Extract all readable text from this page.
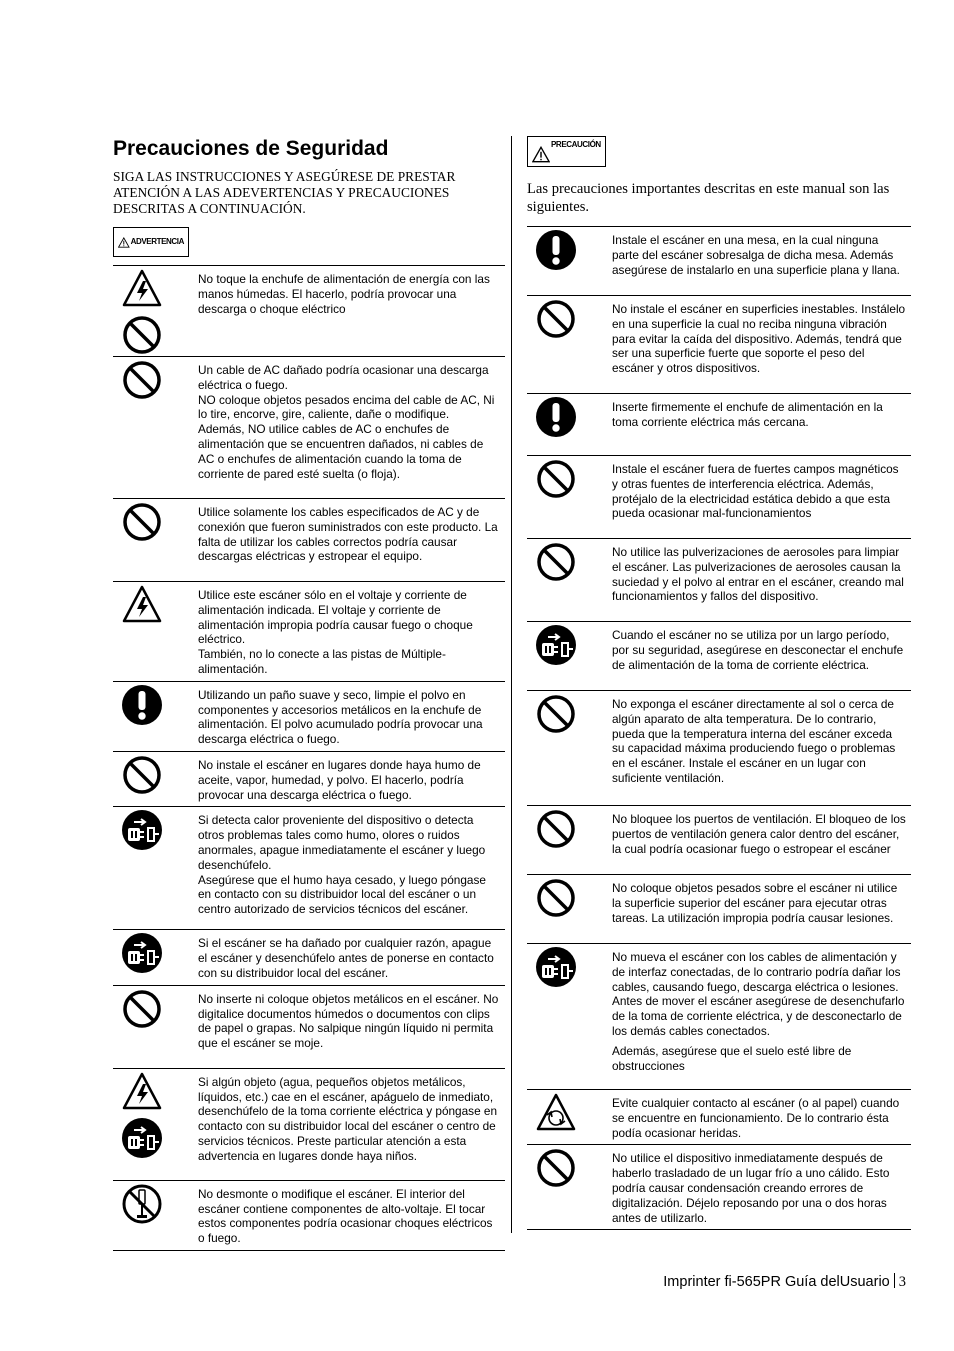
Precauciones de Seguridad

SIGA LAS INSTRUCCIONES Y ASEGÚRESE DE PRESTAR ATENCIÓN A LAS ADEVERTENCIAS Y PRECAUCIONES DESCRITAS A CONTINUACIÓN.

ADVERTENCIA

No toque la enchufe de alimentación de energía con las manos húmedas. El hacerlo, podría provocar una descarga o choque eléctrico

Un cable de AC dañado podría ocasionar una descarga eléctrica o fuego.

NO coloque objetos pesados encima del cable de AC, Ni lo tire, encorve, gire, caliente, dañe o modifique.

Además, NO utilice cables de AC o enchufes de alimentación que se encuentren dañados, ni cables de AC o enchufes de alimentación cuando la toma de corriente de pared esté suelta (o floja).

Utilice solamente los cables especificados de AC y de conexión que fueron suministrados con este producto. La falta de utilizar los cables correctos podría causar descargas eléctricas y estropear el equipo.

Utilice este escáner sólo en el voltaje y corriente de alimentación indicada. El voltaje y corriente de alimentación impropia podría causar fuego o choque eléctrico.

También, no lo conecte a las pistas de Múltiple-alimentación.

Utilizando un paño suave y seco, limpie el polvo en componentes y accesorios metálicos en la enchufe de alimentación. El polvo acumulado podría provocar una descarga eléctrica o fuego.

No instale el escáner en lugares donde haya humo de aceite, vapor, humedad, y polvo. El hacerlo, podría provocar una descarga eléctrica o fuego.

Si detecta calor proveniente del dispositivo o detecta otros problemas tales como humo, olores o ruidos anormales, apague inmediatamente el escáner y luego desenchúfelo.

Asegúrese que el humo haya cesado, y luego póngase en contacto con su distribuidor local del escáner o un centro autorizado de servicios técnicos del escáner.

Si el escáner se ha dañado por cualquier razón, apague el escáner y desenchúfelo antes de ponerse en contacto con su distribuidor local del escáner.

No inserte ni coloque objetos metálicos en el escáner. No digitalice documentos húmedos o documentos con clips de papel o grapas. No salpique ningún líquido ni permita que el escáner se moje.

Si algún objeto (agua, pequeños objetos metálicos, líquidos, etc.) cae en el escáner, apáguelo de inmediato, desenchúfelo de la toma corriente eléctrica y póngase en contacto con su distribuidor local del escáner o centro de servicios técnicos. Preste particular atención a esta advertencia en lugares donde haya niños.

No desmonte o modifique el escáner. El interior del escáner contiene componentes de alto-voltaje. El tocar estos componentes podría ocasionar choques eléctricos o fuego.

PRECAUCIÓN

Las precauciones importantes descritas en este manual son las siguientes.

Instale el escáner en una mesa, en la cual ninguna parte del escáner sobresalga de dicha mesa. Además asegúrese de instalarlo en una superficie plana y llana.

No instale el escáner en superficies inestables. Instálelo en una superficie la cual no reciba ninguna vibración para evitar la caída del dispositivo. Además, tendrá que ser una superficie fuerte que soporte el peso del escáner y otros dispositivos.

Inserte firmemente el enchufe de alimentación en la toma corriente eléctrica más cercana.

Instale el escáner fuera de fuertes campos magnéticos y otras fuentes de interferencia eléctrica. Además, protéjalo de la electricidad estática debido a que esta pueda ocasionar mal-funcionamientos

No utilice las pulverizaciones de aerosoles para limpiar el escáner. Las pulverizaciones de aerosoles causan la suciedad y el polvo al entrar en el escáner, creando mal funcionamientos y fallos del dispositivo.

Cuando el escáner no se utiliza por un largo período, por su seguridad, asegúrese en desconectar el enchufe de alimentación de la toma de corriente eléctrica.

No exponga el escáner directamente al sol o cerca de algún aparato de alta temperatura. De lo contrario, pueda que la temperatura interna del escáner exceda su capacidad máxima produciendo fuego o problemas en el escáner. Instale el escáner en un lugar con suficiente ventilación.

No bloquee los puertos de ventilación. El bloqueo de los puertos de ventilación genera calor dentro del escáner, la cual podría ocasionar fuego o estropear el escáner

No coloque objetos pesados sobre el escáner ni utilice la superficie superior del escáner para ejecutar otras tareas. La utilización impropia podría causar lesiones.

No mueva el escáner con los cables de alimentación y de interfaz conectadas, de lo contrario podría dañar los cables, causando fuego, descarga eléctrica o lesiones. Antes de mover el escáner asegúrese de desenchufarlo de la toma de corriente eléctrica, y de desconectarlo de los demás cables conectados.

Además, asegúrese que el suelo esté libre de obstrucciones

Evite cualquier contacto al escáner (o al papel) cuando se encuentre en funcionamiento. De lo contrario ésta podía ocasionar heridas.

No utilice el dispositivo inmediatamente después de haberlo trasladado de un lugar frío a uno cálido. Esto podría causar condensación creando errores de digitalización. Déjelo reposando por una o dos horas antes de utilizarlo.

Imprinter fi-565PR Guía delUsuario 3
